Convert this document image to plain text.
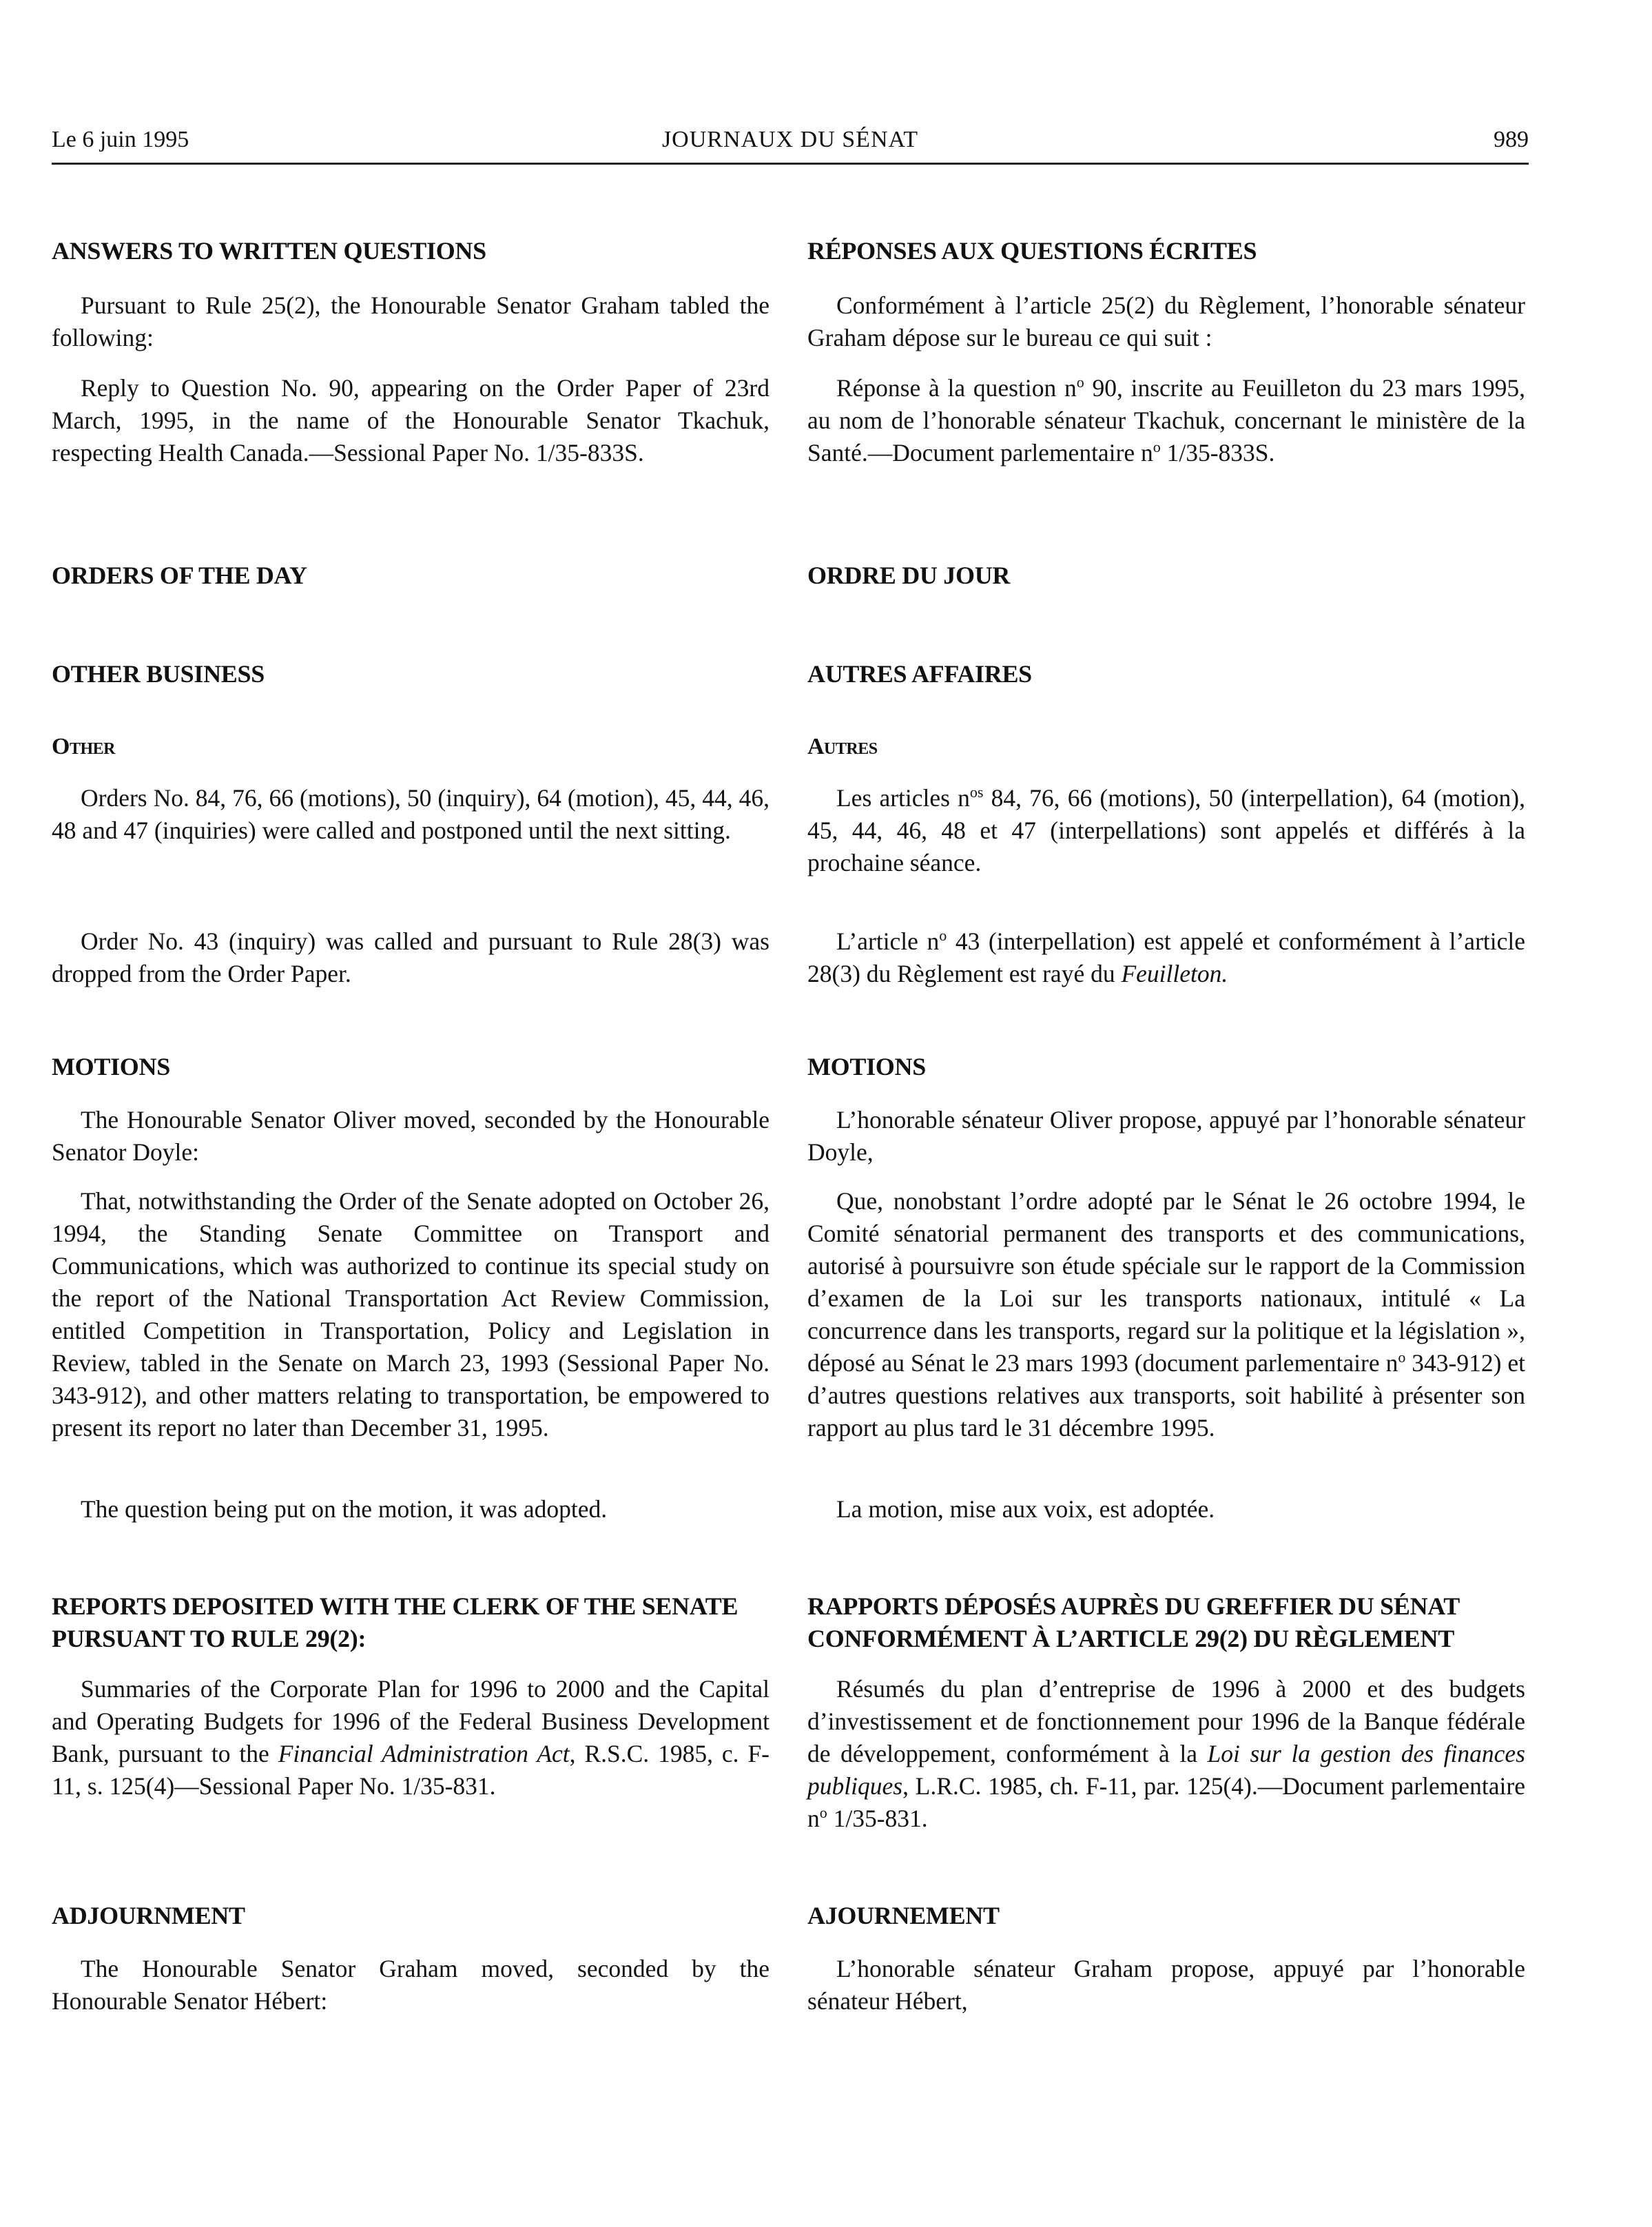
Le 6 juin 1995	JOURNAUX DU SÉNAT	989
ANSWERS TO WRITTEN QUESTIONS
Pursuant to Rule 25(2), the Honourable Senator Graham tabled the following:
Reply to Question No. 90, appearing on the Order Paper of 23rd March, 1995, in the name of the Honourable Senator Tkachuk, respecting Health Canada.—Sessional Paper No. 1/35-833S.
ORDERS OF THE DAY
OTHER BUSINESS
Other
Orders No. 84, 76, 66 (motions), 50 (inquiry), 64 (motion), 45, 44, 46, 48 and 47 (inquiries) were called and postponed until the next sitting.
Order No. 43 (inquiry) was called and pursuant to Rule 28(3) was dropped from the Order Paper.
MOTIONS
The Honourable Senator Oliver moved, seconded by the Honourable Senator Doyle:
That, notwithstanding the Order of the Senate adopted on October 26, 1994, the Standing Senate Committee on Transport and Communications, which was authorized to continue its special study on the report of the National Transportation Act Review Commission, entitled Competition in Transportation, Policy and Legislation in Review, tabled in the Senate on March 23, 1993 (Sessional Paper No. 343-912), and other matters relating to transportation, be empowered to present its report no later than December 31, 1995.
The question being put on the motion, it was adopted.
REPORTS DEPOSITED WITH THE CLERK OF THE SENATE PURSUANT TO RULE 29(2):
Summaries of the Corporate Plan for 1996 to 2000 and the Capital and Operating Budgets for 1996 of the Federal Business Development Bank, pursuant to the Financial Administration Act, R.S.C. 1985, c. F-11, s. 125(4)—Sessional Paper No. 1/35-831.
ADJOURNMENT
The Honourable Senator Graham moved, seconded by the Honourable Senator Hébert:
RÉPONSES AUX QUESTIONS ÉCRITES
Conformément à l’article 25(2) du Règlement, l’honorable sénateur Graham dépose sur le bureau ce qui suit :
Réponse à la question $n^o$ 90, inscrite au Feuilleton du 23 mars 1995, au nom de l’honorable sénateur Tkachuk, concernant le ministère de la Santé.—Document parlementaire $n^o$ 1/35-833S.
ORDRE DU JOUR
AUTRES AFFAIRES
Autres
Les articles $n^{os}$ 84, 76, 66 (motions), 50 (interpellation), 64 (motion), 45, 44, 46, 48 et 47 (interpellations) sont appelés et différés à la prochaine séance.
L’article $n^o$ 43 (interpellation) est appelé et conformément à l’article 28(3) du Règlement est rayé du Feuilleton.
MOTIONS
L’honorable sénateur Oliver propose, appuyé par l’honorable sénateur Doyle,
Que, nonobstant l’ordre adopté par le Sénat le 26 octobre 1994, le Comité sénatorial permanent des transports et des communications, autorisé à poursuivre son étude spéciale sur le rapport de la Commission d’examen de la Loi sur les transports nationaux, intitulé « La concurrence dans les transports, regard sur la politique et la législation », déposé au Sénat le 23 mars 1993 (document parlementaire $n^o$ 343-912) et d’autres questions relatives aux transports, soit habilité à présenter son rapport au plus tard le 31 décembre 1995.
La motion, mise aux voix, est adoptée.
RAPPORTS DÉPOSÉS AUPRÈS DU GREFFIER DU SÉNAT CONFORMÉMENT À L’ARTICLE 29(2) DU RÈGLEMENT
Résumés du plan d’entreprise de 1996 à 2000 et des budgets d’investissement et de fonctionnement pour 1996 de la Banque fédérale de développement, conformément à la Loi sur la gestion des finances publiques, L.R.C. 1985, ch. F-11, par. 125(4).—Document parlementaire $n^o$ 1/35-831.
AJOURNEMENT
L’honorable sénateur Graham propose, appuyé par l’honorable sénateur Hébert,
